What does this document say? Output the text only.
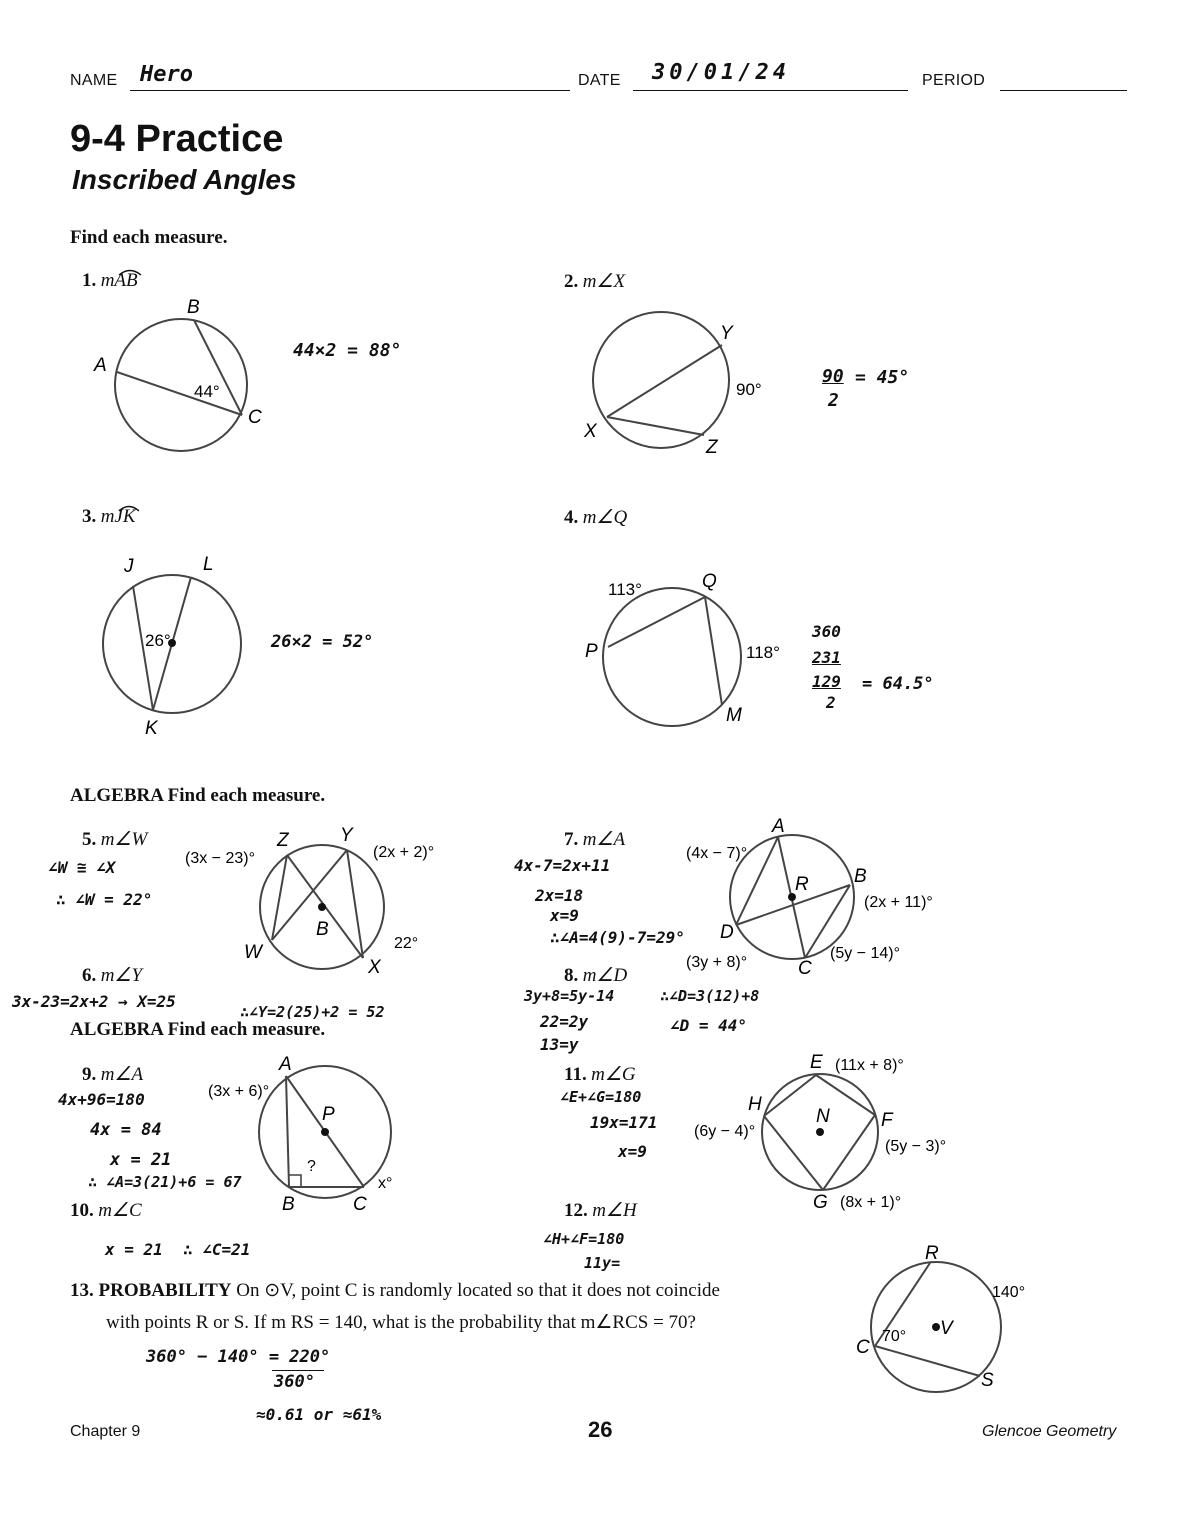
NAME Hero	DATE 30/01/24	PERIOD
9-4 Practice
Inscribed Angles
Find each measure.
1. mAB
A
B
C
44°
44×2 = 88°
2. m∠X
Y
X
Z
90°
90
2
= 45°
3. mJK
J	L
K
26°	26×2 = 52°
4. m∠Q
Q
P
M
113°
118°
360
231
129
2
= 64.5°
ALGEBRA Find each measure.
5. m∠W	Z	Y
W
X
B
(3x − 23)°	(2x + 2)°
22°
∠W ≅ ∠X
∴ ∠W = 22°
6. m∠Y
3x-23=2x+2 → X=25
∴∠Y=2(25)+2 = 52
7. m∠A
A
B
R
D
C
(4x − 7)°
(2x + 11)°
(3y + 8)°
(5y − 14)°
4x-7=2x+11
2x=18
x=9
∴∠A=4(9)-7=29°
8. m∠D
3y+8=5y-14
22=2y
13=y
∴∠D=3(12)+8
∠D = 44°
ALGEBRA Find each measure.
9. m∠A	A
P
B	C
(3x + 6)°
x°
?
4x+96=180
4x = 84
x = 21
∴ ∠A=3(21)+6 = 67
10. m∠C
x = 21 ∴ ∠C=21
11. m∠G
E
H
N	F
G
(11x + 8)°
(6y − 4)°
(5y − 3)°
(8x + 1)°
∠E+∠G=180
19x=171
x=9
12. m∠H
∠H+∠F=180
11y=
13. PROBABILITY On ⊙V, point C is randomly located so that it does not coincide
with points R or S. If m RS = 140, what is the probability that m∠RCS = 70?
R
V
C
S
140°
70°
360° − 140° = 220°
360°
≈0.61 or ≈61%
Chapter 9	26	Glencoe Geometry
